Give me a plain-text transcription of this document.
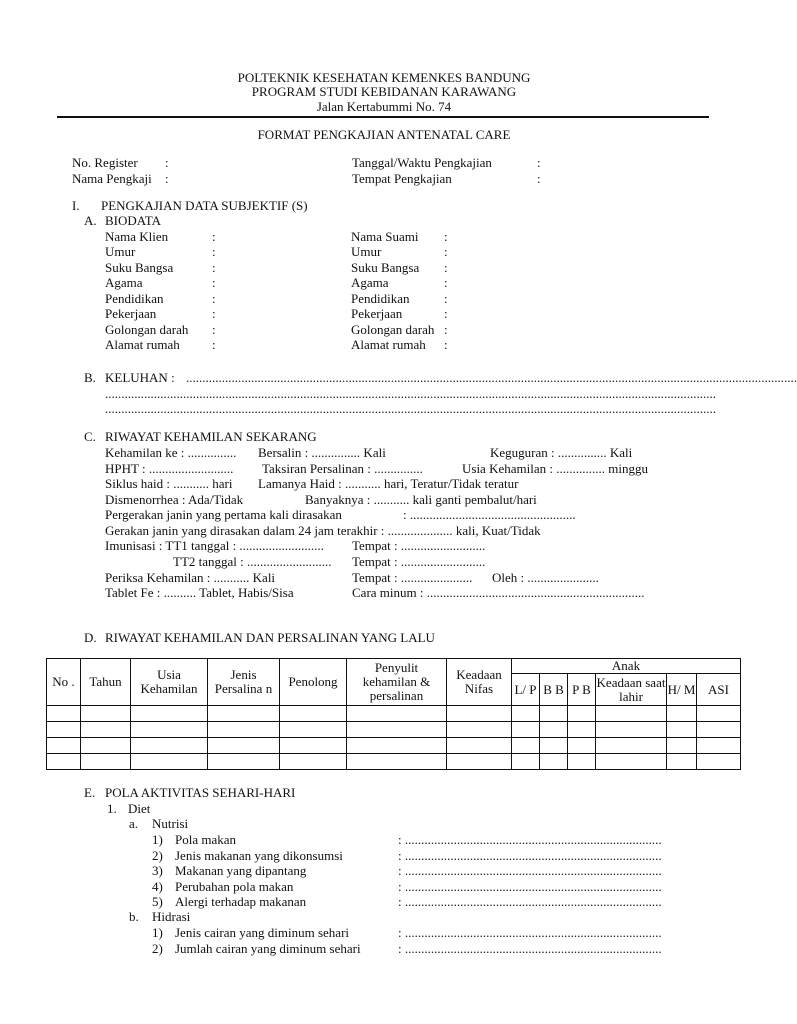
POLTEKNIK KESEHATAN KEMENKES BANDUNG
PROGRAM STUDI KEBIDANAN KARAWANG
Jalan Kertabummi No. 74
FORMAT PENGKAJIAN ANTENATAL CARE
No. Register :
Nama Pengkaji :
Tanggal/Waktu Pengkajian	:
Tempat Pengkajian	:
I. PENGKAJIAN DATA SUBJEKTIF (S)
A. BIODATA
Nama Klien	:	Nama Suami :
Umur	:	Umur	:
Suku Bangsa	:	Suku Bangsa :
Agama	:	Agama	:
Pendidikan	:	Pendidikan	:
Pekerjaan	:	Pekerjaan	:
Golongan darah :	Golongan darah :
Alamat rumah :	Alamat rumah :
B. KELUHAN : ............................................................................................................................................................................................
............................................................................................................................................................................................
............................................................................................................................................................................................
C. RIWAYAT KEHAMILAN SEKARANG
Kehamilan ke : ............... Bersalin : ............... Kali	Keguguran : ............... Kali
HPHT : .......................... Taksiran Persalinan : ...............	Usia Kehamilan : ............... minggu
Siklus haid : ........... hari Lamanya Haid : ........... hari, Teratur/Tidak teratur
Dismenorrhea : Ada/Tidak	Banyaknya : ........... kali ganti pembalut/hari
Pergerakan janin yang pertama kali dirasakan	: ...................................................
Gerakan janin yang dirasakan dalam 24 jam terakhir : .................... kali, Kuat/Tidak
Imunisasi : TT1 tanggal : .......................... Tempat : ..........................
TT2 tanggal : .......................... Tempat : ..........................
Periksa Kehamilan : ........... Kali	Tempat : ...................... Oleh : ......................
Tablet Fe : .......... Tablet, Habis/Sisa	Cara minum : ...................................................................
D. RIWAYAT KEHAMILAN DAN PERSALINAN YANG LALU
No .	Tahun	Usia Kehamilan	Jenis Persalina n	Penolong	Penyulit kehamilan & persalinan	Keadaan Nifas	Anak					
							L/ P	B B	P B	Keadaan saat lahir	H/ M	ASI

E. POLA AKTIVITAS SEHARI-HARI
1. Diet
a. Nutrisi
1) Pola makan	: ...............................................................................
2) Jenis makanan yang dikonsumsi	: ...............................................................................
3) Makanan yang dipantang	: ...............................................................................
4) Perubahan pola makan	: ...............................................................................
5) Alergi terhadap makanan	: ...............................................................................
b. Hidrasi
1) Jenis cairan yang diminum sehari	: ...............................................................................
2) Jumlah cairan yang diminum sehari	: ...............................................................................
